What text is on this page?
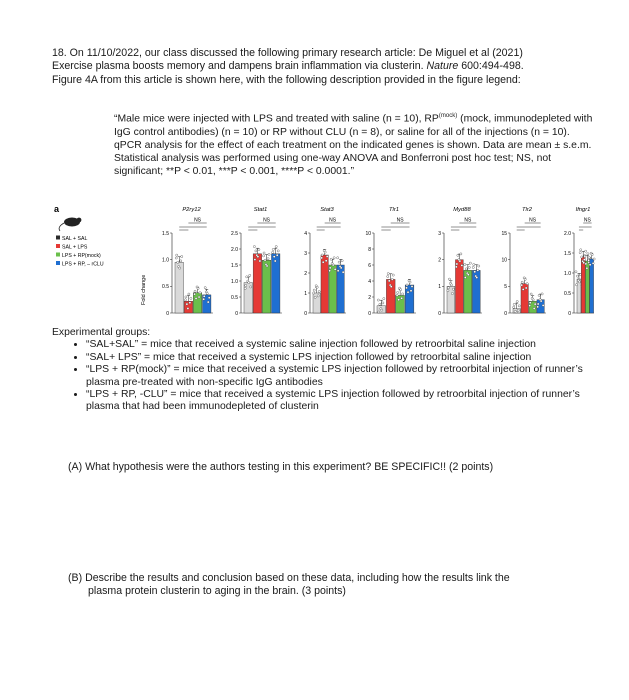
18. On 11/10/2022, our class discussed the following primary research article: De Miguel et al (2021)
Exercise plasma boosts memory and dampens brain inflammation via clusterin. Nature 600:494-498.
Figure 4A from this article is shown here, with the following description provided in the figure legend:
“Male mice were injected with LPS and treated with saline (n = 10), $RP^{(mock)}$ (mock, immunodepleted with IgG control antibodies) (n = 10) or RP without CLU (n = 8), or saline for all of the injections (n = 10). qPCR analysis for the effect of each treatment on the indicated genes is shown. Data are mean ± s.e.m. Statistical analysis was performed using one-way ANOVA and Bonferroni post hoc test; NS, not significant; **P < 0.01, ***P < 0.001, ****P < 0.0001.”
a
SAL + SAL
SAL + LPS
LPS + RP(mock)
LPS + RP, – rCLU
Fold change
P2ry12
0
0.5
1.0
1.5
NS
Stat1
0
0.5
1.0
1.5
2.0
2.5
NS
Stat3
0
1
2
3
4
NS
Tlr1
0
2
4
6
8
10
NS
Myd88
0
1
2
3
NS
Tlr2
0
5
10
15
NS
Ifngr1
0
0.5
1.0
1.5
2.0
NS
Experimental groups:
• “SAL+SAL” = mice that received a systemic saline injection followed by retroorbital saline injection
• “SAL+ LPS” = mice that received a systemic LPS injection followed by retroorbital saline injection
• “LPS + RP(mock)” = mice that received a systemic LPS injection followed by retroorbital injection of runner’s plasma pre-treated with non-specific IgG antibodies
• “LPS + RP, -CLU” = mice that received a systemic LPS injection followed by retroorbital injection of runner’s plasma that had been immunodepleted of clusterin

(A) What hypothesis were the authors testing in this experiment? BE SPECIFIC!! (2 points)

(B) Describe the results and conclusion based on these data, including how the results link the

plasma protein clusterin to aging in the brain. (3 points)
